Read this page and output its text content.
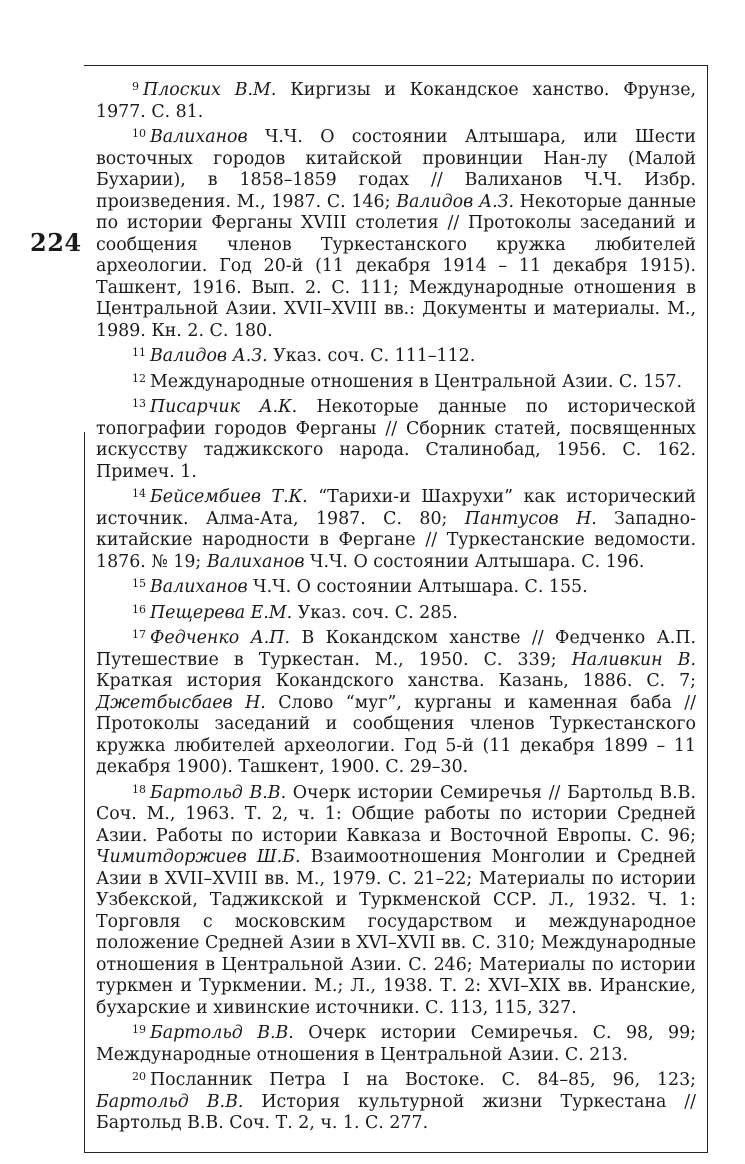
224

$^9$ Плоских В.М. Киргизы и Кокандское ханство. Фрунзе, 1977. С. 81.

$^{10}$ Валиханов Ч.Ч. О состоянии Алтышара, или Шести восточных городов китайской провинции Нан-лу (Малой Бухарии), в 1858–1859 годах // Валиханов Ч.Ч. Избр. произведения. М., 1987. С. 146; Валидов А.З. Некоторые данные по истории Ферганы XVIII столетия // Протоколы заседаний и сообщения членов Туркестанского кружка любителей археологии. Год 20-й (11 декабря 1914 – 11 декабря 1915). Ташкент, 1916. Вып. 2. С. 111; Международные отношения в Центральной Азии. XVII–XVIII вв.: Документы и материалы. М., 1989. Кн. 2. С. 180.

$^{11}$ Валидов А.З. Указ. соч. С. 111–112.

$^{12}$ Международные отношения в Центральной Азии. С. 157.

$^{13}$ Писарчик А.К. Некоторые данные по исторической топографии городов Ферганы // Сборник статей, посвященных искусству таджикского народа. Сталинобад, 1956. С. 162. Примеч. 1.

$^{14}$ Бейсембиев Т.К. “Тарихи-и Шахрухи” как исторический источник. Алма-Ата, 1987. С. 80; Пантусов Н. Западно-китайские народности в Фергане // Туркестанские ведомости. 1876. № 19; Валиханов Ч.Ч. О состоянии Алтышара. С. 196.

$^{15}$ Валиханов Ч.Ч. О состоянии Алтышара. С. 155.

$^{16}$ Пещерева Е.М. Указ. соч. С. 285.

$^{17}$ Федченко А.П. В Кокандском ханстве // Федченко А.П. Путешествие в Туркестан. М., 1950. С. 339; Наливкин В. Краткая история Кокандского ханства. Казань, 1886. С. 7; Джетбысбаев Н. Слово “муг”, курганы и каменная баба // Протоколы заседаний и сообщения членов Туркестанского кружка любителей археологии. Год 5-й (11 декабря 1899 – 11 декабря 1900). Ташкент, 1900. С. 29–30.

$^{18}$ Бартольд В.В. Очерк истории Семиречья // Бартольд В.В. Соч. М., 1963. Т. 2, ч. 1: Общие работы по истории Средней Азии. Работы по истории Кавказа и Восточной Европы. С. 96; Чимитдоржиев Ш.Б. Взаимоотношения Монголии и Средней Азии в XVII–XVIII вв. М., 1979. С. 21–22; Материалы по истории Узбекской, Таджикской и Туркменской ССР. Л., 1932. Ч. 1: Торговля с московским государством и международное положение Средней Азии в XVI–XVII вв. С. 310; Международные отношения в Центральной Азии. С. 246; Материалы по истории туркмен и Туркмении. М.; Л., 1938. Т. 2: XVI–XIX вв. Иранские, бухарские и хивинские источники. С. 113, 115, 327.

$^{19}$ Бартольд В.В. Очерк истории Семиречья. С. 98, 99; Международные отношения в Центральной Азии. С. 213.

$^{20}$ Посланник Петра I на Востоке. С. 84–85, 96, 123; Бартольд В.В. История культурной жизни Туркестана // Бартольд В.В. Соч. Т. 2, ч. 1. С. 277.
